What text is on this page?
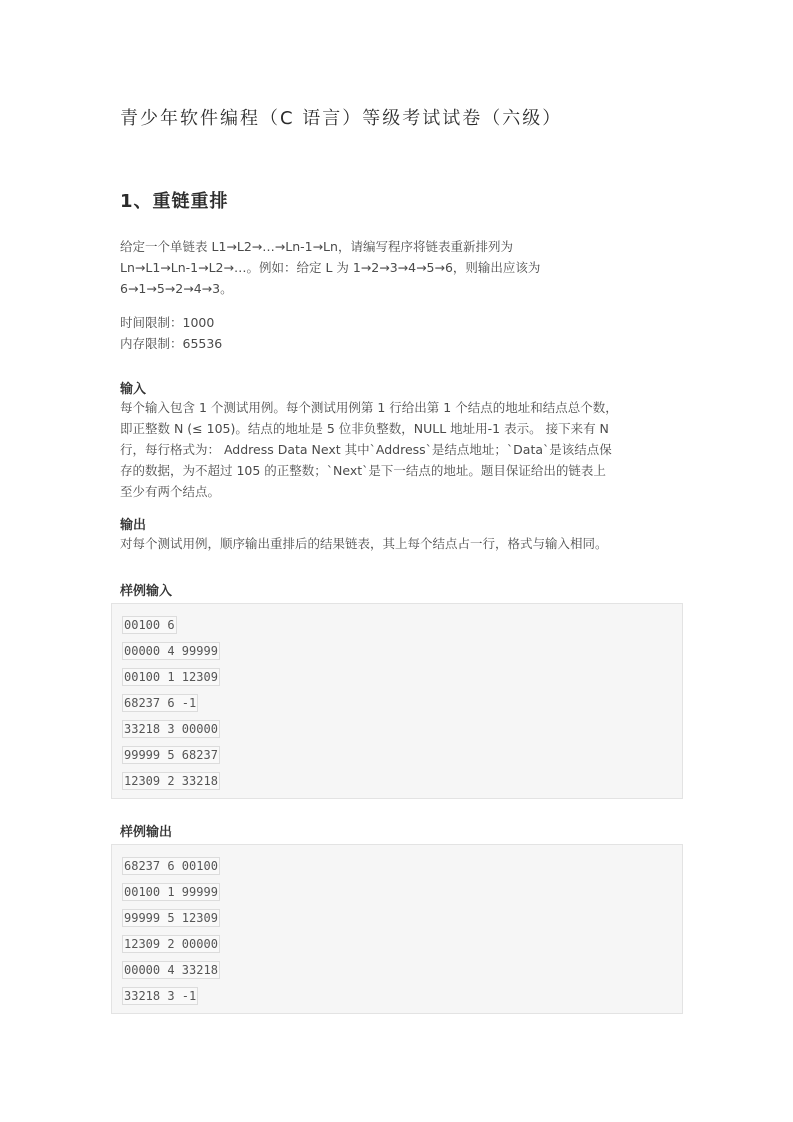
青少年软件编程（C 语言）等级考试试卷（六级）
1、重链重排
给定一个单链表 L1→L2→…→Ln-1→Ln，请编写程序将链表重新排列为
Ln→L1→Ln-1→L2→…。例如：给定 L 为 1→2→3→4→5→6，则输出应该为
6→1→5→2→4→3。
时间限制：1000
内存限制：65536
输入
每个输入包含 1 个测试用例。每个测试用例第 1 行给出第 1 个结点的地址和结点总个数，
即正整数 N (≤ 105)。结点的地址是 5 位非负整数，NULL 地址用-1 表示。 接下来有 N
行，每行格式为： Address Data Next 其中`Address`是结点地址；`Data`是该结点保
存的数据，为不超过 105 的正整数；`Next`是下一结点的地址。题目保证给出的链表上
至少有两个结点。
输出
对每个测试用例，顺序输出重排后的结果链表，其上每个结点占一行，格式与输入相同。
样例输入
00100 6
00000 4 99999
00100 1 12309
68237 6 -1
33218 3 00000
99999 5 68237
12309 2 33218
样例输出
68237 6 00100
00100 1 99999
99999 5 12309
12309 2 00000
00000 4 33218
33218 3 -1
